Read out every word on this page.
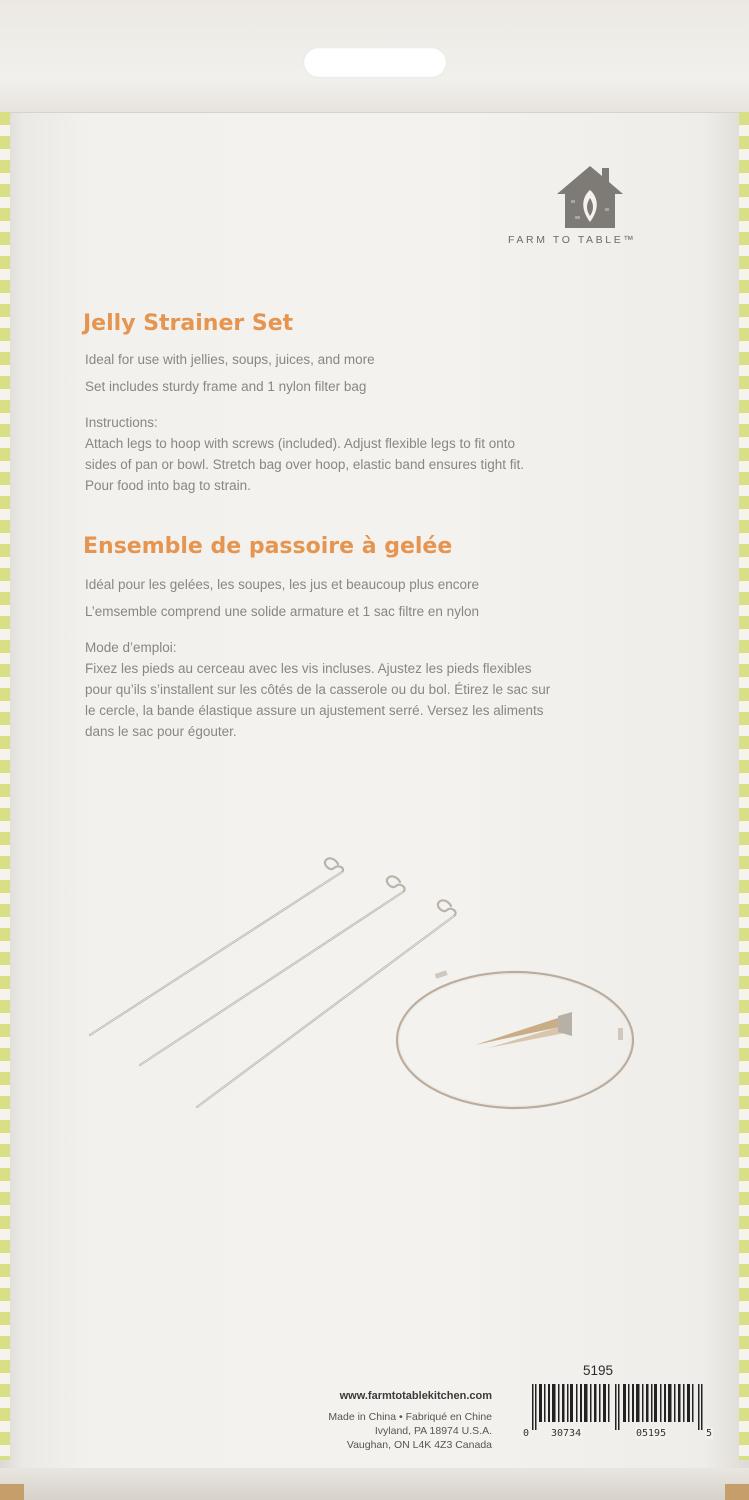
FARM TO TABLE™
Jelly Strainer Set

Ideal for use with jellies, soups, juices, and more

Set includes sturdy frame and 1 nylon filter bag

Instructions:

Attach legs to hoop with screws (included). Adjust flexible legs to fit onto

sides of pan or bowl. Stretch bag over hoop, elastic band ensures tight fit.

Pour food into bag to strain.

Ensemble de passoire à gelée

Idéal pour les gelées, les soupes, les jus et beaucoup plus encore

L’emsemble comprend une solide armature et 1 sac filtre en nylon

Mode d’emploi:

Fixez les pieds au cerceau avec les vis incluses. Ajustez les pieds flexibles

pour qu’ils s’installent sur les côtés de la casserole ou du bol. Étirez le sac sur

le cercle, la bande élastique assure un ajustement serré. Versez les aliments

dans le sac pour égouter.

5195
www.farmtotablekitchen.com
Made in China • Fabriqué en Chine
Ivyland, PA 18974 U.S.A.
Vaughan, ON L4K 4Z3 Canada
0 30734	05195	5
